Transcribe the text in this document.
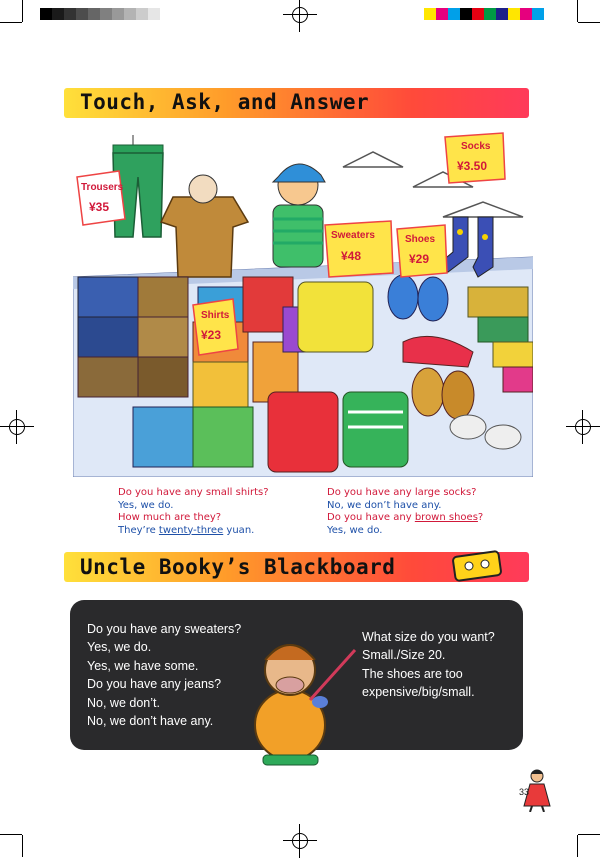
Touch, Ask, and Answer
Trousers
¥35
Shirts
¥23
Sweaters
¥48
Shoes
¥29
Socks
¥3.50
Do you have any small shirts?
Yes, we do.
How much are they?
They’re twenty-three yuan.
Do you have any large socks?
No, we don’t have any.
Do you have any brown shoes?
Yes, we do.
Uncle Booky’s Blackboard
Do you have any sweaters?
Yes, we do.
Yes, we have some.
Do you have any jeans?
No, we don’t.
No, we don’t have any.
What size do you want?
Small./Size 20.
The shoes are too
expensive/big/small.
33
